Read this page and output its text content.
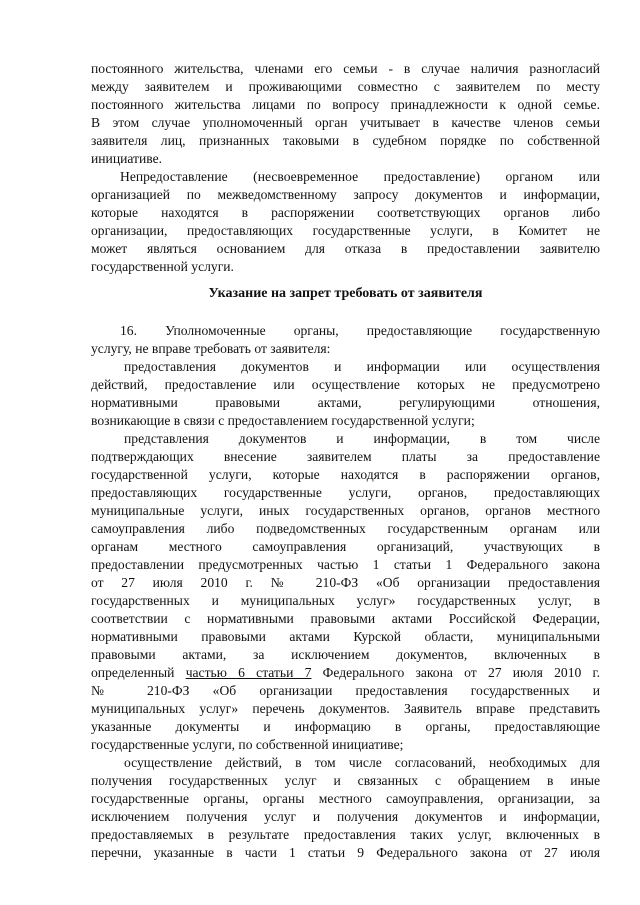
постоянного жительства, членами его семьи - в случае наличия разногласий
между заявителем и проживающими совместно с заявителем по месту
постоянного жительства лицами по вопросу принадлежности к одной семье.
В этом случае уполномоченный орган учитывает в качестве членов семьи
заявителя лиц, признанных таковыми в судебном порядке по собственной
инициативе.
Непредоставление (несвоевременное предоставление) органом или
организацией по межведомственному запросу документов и информации,
которые находятся в распоряжении соответствующих органов либо
организации, предоставляющих государственные услуги, в Комитет не
может являться основанием для отказа в предоставлении заявителю
государственной услуги.
Указание на запрет требовать от заявителя
16. Уполномоченные органы, предоставляющие государственную
услугу, не вправе требовать от заявителя:
предоставления документов и информации или осуществления
действий, предоставление или осуществление которых не предусмотрено
нормативными правовыми актами, регулирующими отношения,
возникающие в связи с предоставлением государственной услуги;
представления документов и информации, в том числе
подтверждающих внесение заявителем платы за предоставление
государственной услуги, которые находятся в распоряжении органов,
предоставляющих государственные услуги, органов, предоставляющих
муниципальные услуги, иных государственных органов, органов местного
самоуправления либо подведомственных государственным органам или
органам местного самоуправления организаций, участвующих в
предоставлении предусмотренных частью 1 статьи 1 Федерального закона
от 27 июля 2010 г. № 210-ФЗ «Об организации предоставления
государственных и муниципальных услуг» государственных услуг, в
соответствии с нормативными правовыми актами Российской Федерации,
нормативными правовыми актами Курской области, муниципальными
правовыми актами, за исключением документов, включенных в
определенный частью 6 статьи 7 Федерального закона от 27 июля 2010 г.
№ 210-ФЗ «Об организации предоставления государственных и
муниципальных услуг» перечень документов. Заявитель вправе представить
указанные документы и информацию в органы, предоставляющие
государственные услуги, по собственной инициативе;
осуществление действий, в том числе согласований, необходимых для
получения государственных услуг и связанных с обращением в иные
государственные органы, органы местного самоуправления, организации, за
исключением получения услуг и получения документов и информации,
предоставляемых в результате предоставления таких услуг, включенных в
перечни, указанные в части 1 статьи 9 Федерального закона от 27 июля
